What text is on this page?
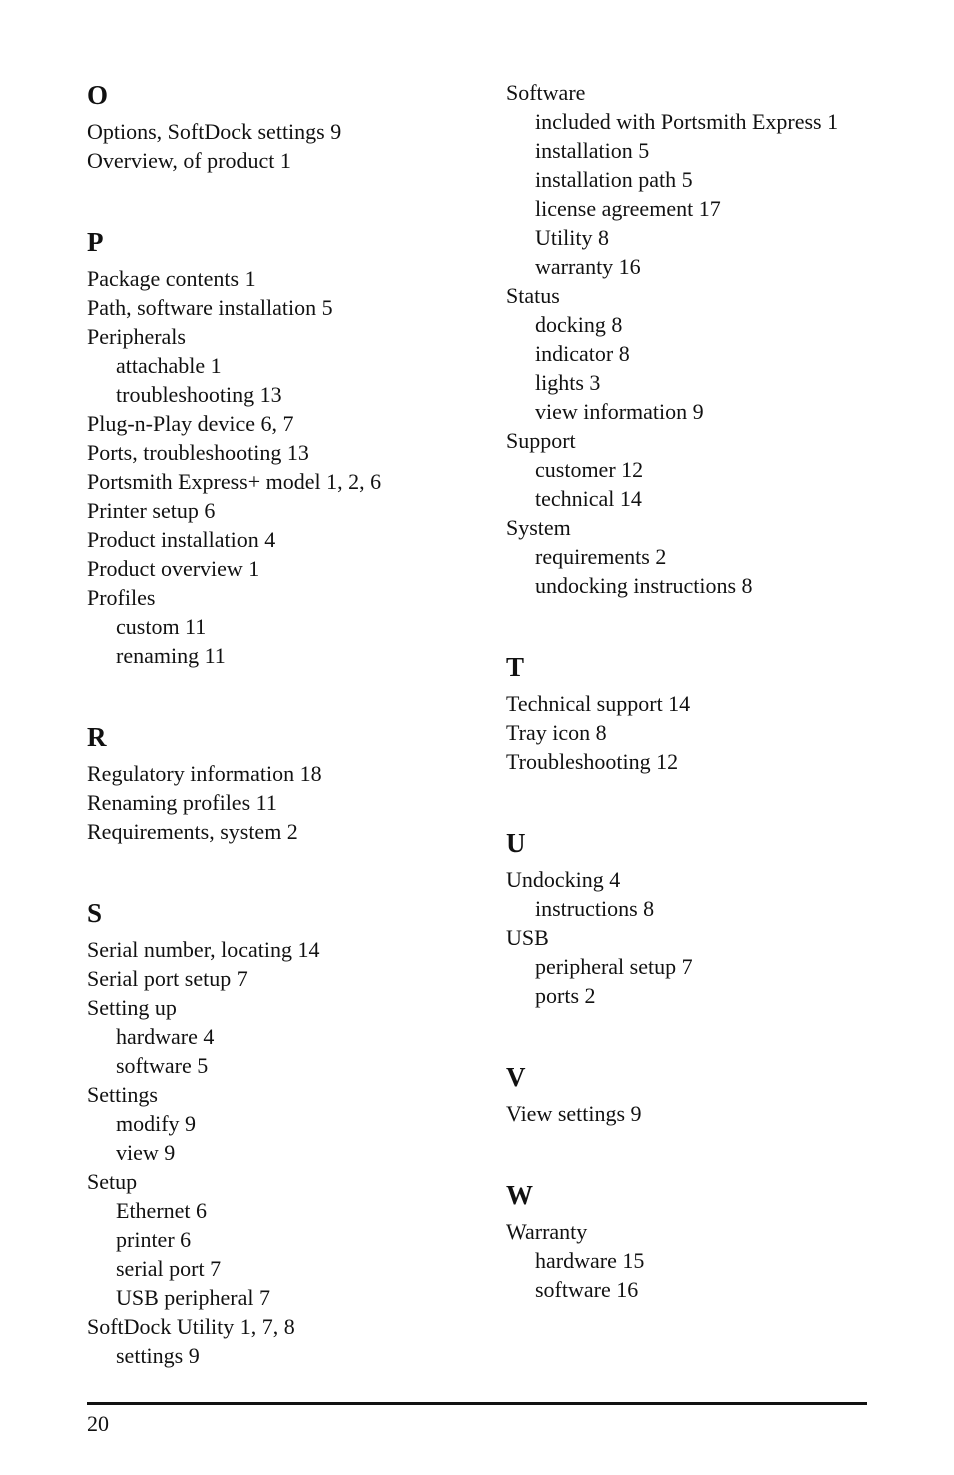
O
Options, SoftDock settings 9
Overview, of product 1
P
Package contents 1
Path, software installation 5
Peripherals
attachable 1
troubleshooting 13
Plug-n-Play device 6, 7
Ports, troubleshooting 13
Portsmith Express+ model 1, 2, 6
Printer setup 6
Product installation 4
Product overview 1
Profiles
custom 11
renaming 11
R
Regulatory information 18
Renaming profiles 11
Requirements, system 2
S
Serial number, locating 14
Serial port setup 7
Setting up
hardware 4
software 5
Settings
modify 9
view 9
Setup
Ethernet 6
printer 6
serial port 7
USB peripheral 7
SoftDock Utility 1, 7, 8
settings 9
Software
included with Portsmith Express 1
installation 5
installation path 5
license agreement 17
Utility 8
warranty 16
Status
docking 8
indicator 8
lights 3
view information 9
Support
customer 12
technical 14
System
requirements 2
undocking instructions 8
T
Technical support 14
Tray icon 8
Troubleshooting 12
U
Undocking 4
instructions 8
USB
peripheral setup 7
ports 2
V
View settings 9
W
Warranty
hardware 15
software 16
20
